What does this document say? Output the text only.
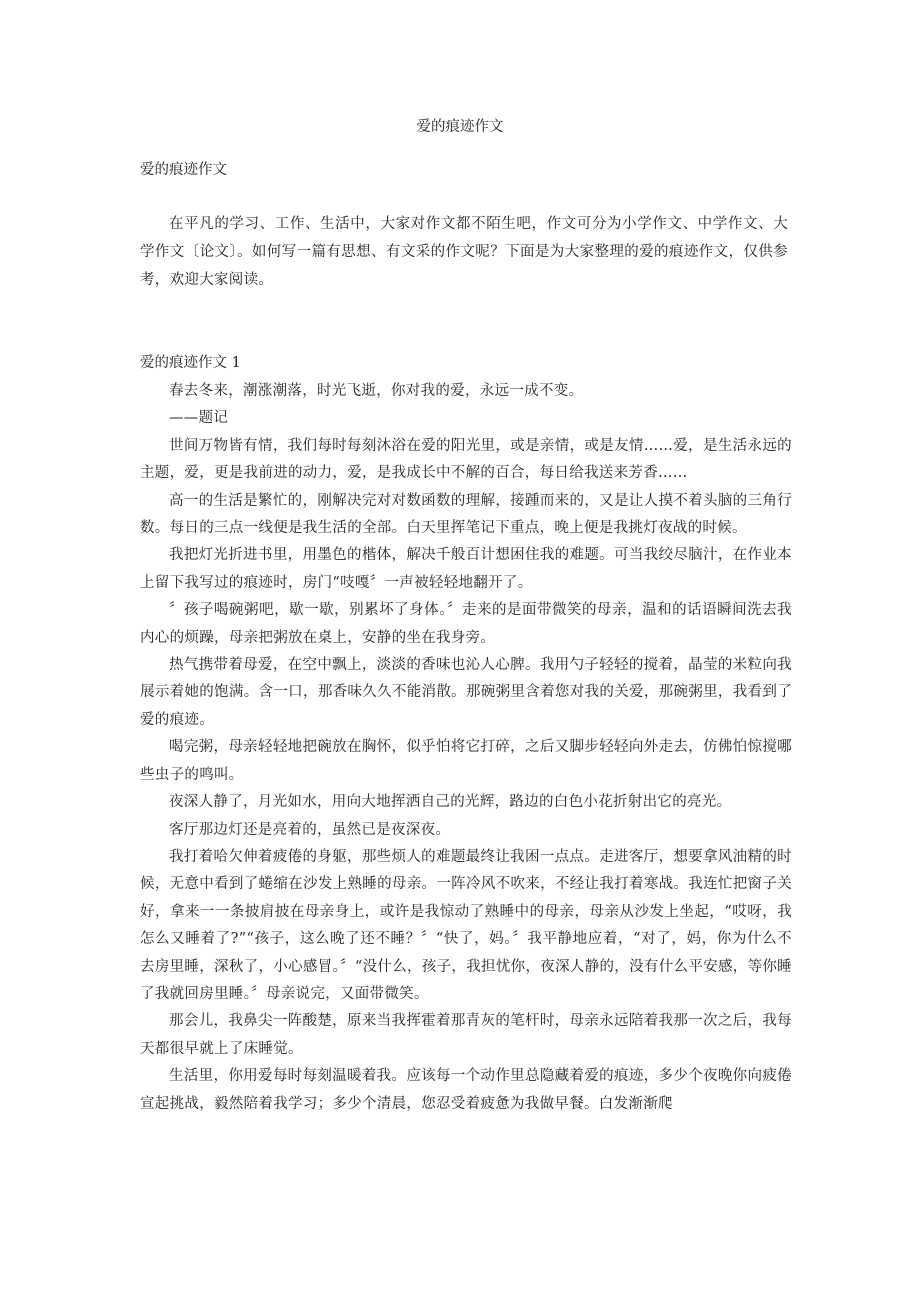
爱的痕迹作文
爱的痕迹作文

在平凡的学习、工作、生活中，大家对作文都不陌生吧，作文可分为小学作文、中学作文、大学作文〔论文〕。如何写一篇有思想、有文采的作文呢？下面是为大家整理的爱的痕迹作文，仅供参考，欢迎大家阅读。

爱的痕迹作文 1

春去冬来，潮涨潮落，时光飞逝，你对我的爱，永远一成不变。

——题记

世间万物皆有情，我们每时每刻沐浴在爱的阳光里，或是亲情，或是友情……爱，是生活永远的主题，爱，更是我前进的动力，爱，是我成长中不解的百合，每日给我送来芳香……

高一的生活是繁忙的，刚解决完对对数函数的理解，接踵而来的，又是让人摸不着头脑的三角行数。每日的三点一线便是我生活的全部。白天里挥笔记下重点，晚上便是我挑灯夜战的时候。

我把灯光折进书里，用墨色的楷体，解决千般百计想困住我的难题。可当我绞尽脑汁，在作业本上留下我写过的痕迹时，房门“吱嘎〞一声被轻轻地翻开了。

〞孩子喝碗粥吧，歇一歇，别累坏了身体。〞走来的是面带微笑的母亲，温和的话语瞬间洗去我内心的烦躁，母亲把粥放在桌上，安静的坐在我身旁。

热气携带着母爱，在空中飘上，淡淡的香味也沁人心脾。我用勺子轻轻的搅着，晶莹的米粒向我展示着她的饱满。含一口，那香味久久不能消散。那碗粥里含着您对我的关爱，那碗粥里，我看到了爱的痕迹。

喝完粥，母亲轻轻地把碗放在胸怀，似乎怕将它打碎，之后又脚步轻轻向外走去，仿佛怕惊搅哪些虫子的鸣叫。

夜深人静了，月光如水，用向大地挥洒自己的光辉，路边的白色小花折射出它的亮光。

客厅那边灯还是亮着的，虽然已是夜深夜。

我打着哈欠伸着疲倦的身躯，那些烦人的难题最终让我困一点点。走进客厅，想要拿风油精的时候，无意中看到了蜷缩在沙发上熟睡的母亲。一阵冷风不吹来，不经让我打着寒战。我连忙把窗子关好，拿来一一条披肩披在母亲身上，或许是我惊动了熟睡中的母亲，母亲从沙发上坐起，“哎呀，我怎么又睡着了?”“孩子，这么晚了还不睡？〞“快了，妈。〞我平静地应着，“对了，妈，你为什么不去房里睡，深秋了，小心感冒。〞“没什么，孩子，我担忧你，夜深人静的，没有什么平安感，等你睡了我就回房里睡。〞母亲说完，又面带微笑。

那会儿，我鼻尖一阵酸楚，原来当我挥霍着那青灰的笔杆时，母亲永远陪着我那一次之后，我每天都很早就上了床睡觉。

生活里，你用爱每时每刻温暖着我。应该每一个动作里总隐藏着爱的痕迹，多少个夜晚你向疲倦宣起挑战，毅然陪着我学习；多少个清晨，您忍受着疲惫为我做早餐。白发渐渐爬
